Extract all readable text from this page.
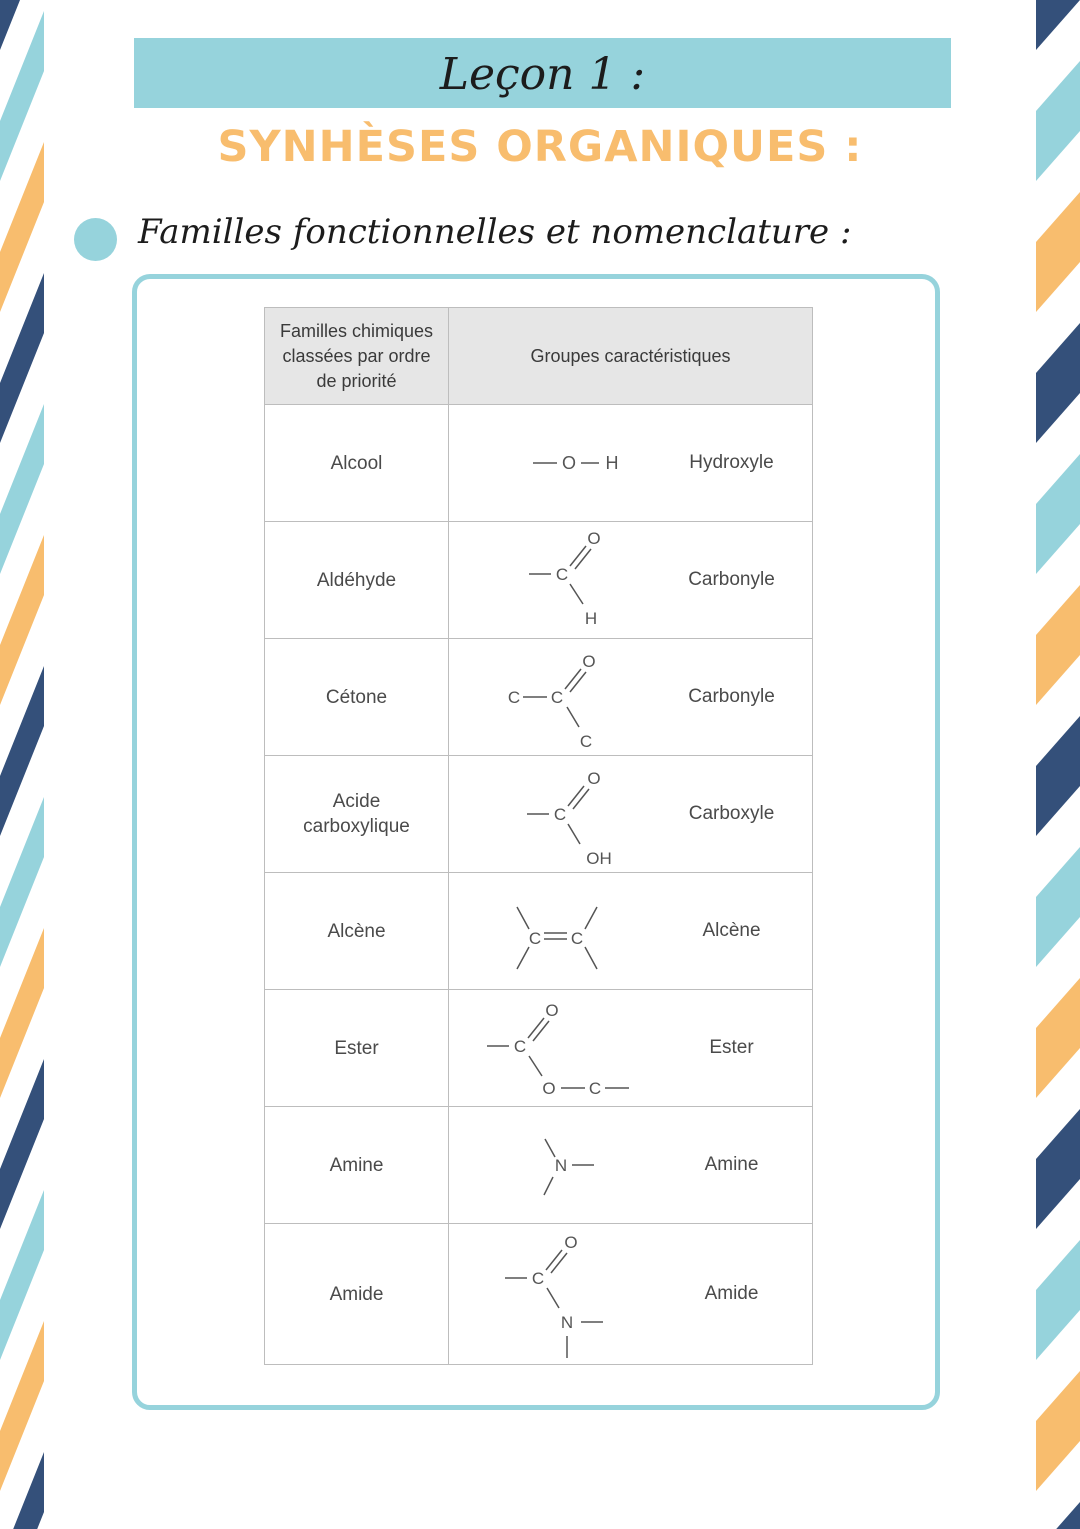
Leçon 1 :
SYNHÈSES ORGANIQUES :
Familles fonctionnelles et nomenclature :
Familles chimiques classées par ordre de priorité	Groupes caractéristiques

Alcool	O H Hydroxyle

Aldéhyde	O
C
H
Carbonyle

Cétone	O
C C
C
Carbonyle

Acide carboxylique	O
C
OH
Carboxyle

Alcène	C C Alcène

Ester	O
C
O C
Ester

Amine	N Amine

Amide	O
C
N
Amide
